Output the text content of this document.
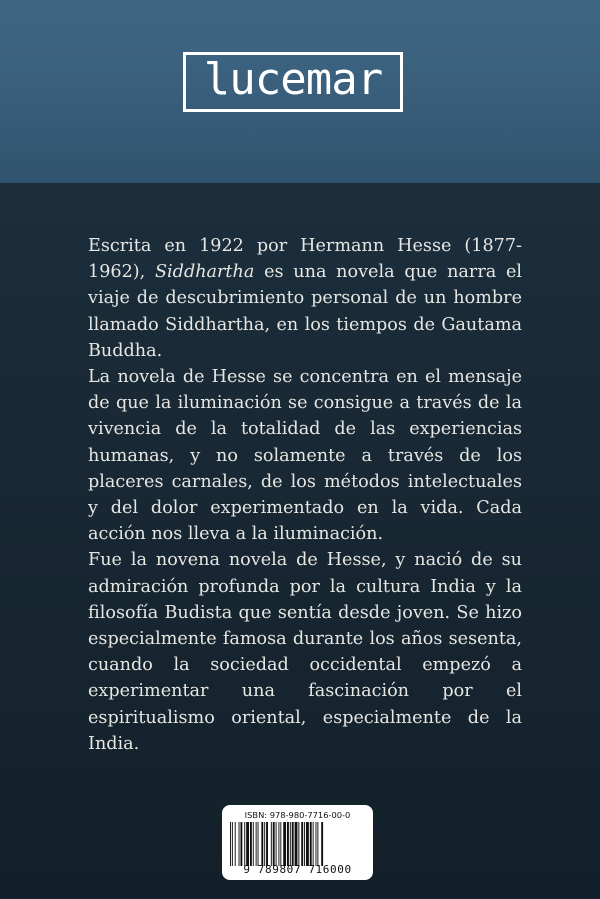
lucemar

Escrita en 1922 por Hermann Hesse (1877-1962), Siddhartha es una novela que narra el viaje de descubrimiento personal de un hombre llamado Siddhartha, en los tiempos de Gautama Buddha.

La novela de Hesse se concentra en el mensaje de que la iluminación se consigue a través de la vivencia de la totalidad de las experiencias humanas, y no solamente a través de los placeres carnales, de los métodos intelectuales y del dolor experimentado en la vida. Cada acción nos lleva a la iluminación.

Fue la novena novela de Hesse, y nació de su admiración profunda por la cultura India y la filosofía Budista que sentía desde joven. Se hizo especialmente famosa durante los años sesenta, cuando la sociedad occidental empezó a experimentar una fascinación por el espiritualismo oriental, especialmente de la India.

ISBN: 978-980-7716-00-0
9 789807 716000
